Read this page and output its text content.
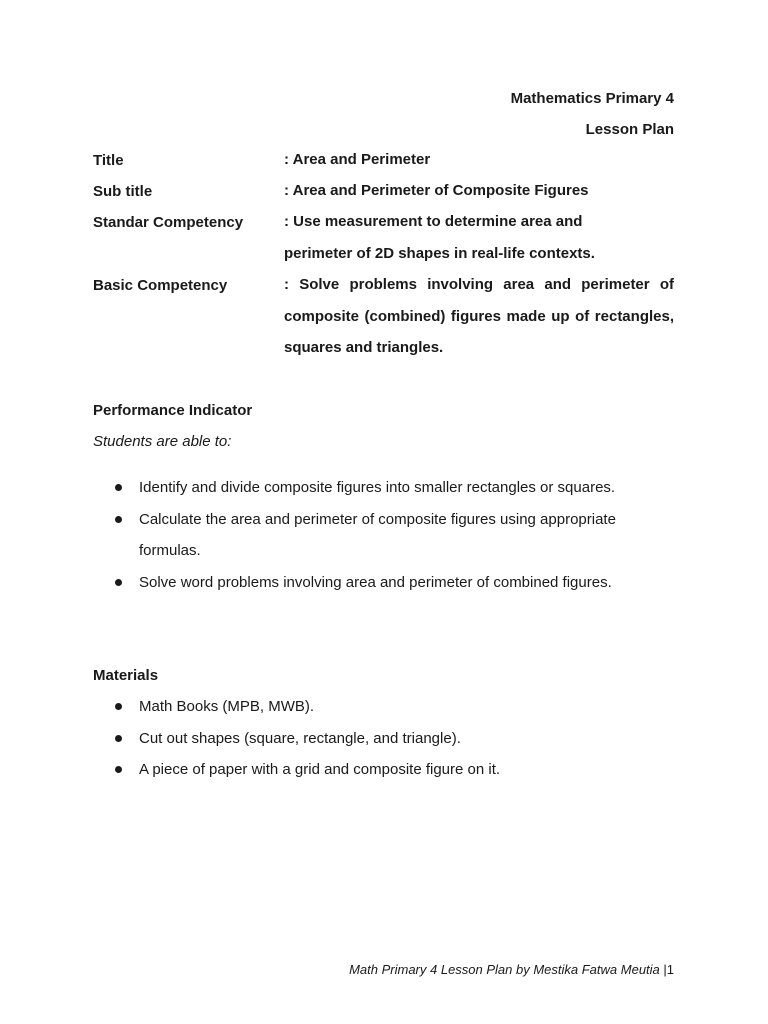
Mathematics Primary 4
Lesson Plan
Title	: Area and Perimeter
Sub title	: Area and Perimeter of Composite Figures
Standar Competency	: Use measurement to determine area and perimeter of 2D shapes in real-life contexts.
Basic Competency	: Solve problems involving area and perimeter of composite (combined) figures made up of rectangles, squares and triangles.
Performance Indicator
Students are able to:
Identify and divide composite figures into smaller rectangles or squares.
Calculate the area and perimeter of composite figures using appropriate formulas.
Solve word problems involving area and perimeter of combined figures.
Materials
Math Books (MPB, MWB).
Cut out shapes (square, rectangle, and triangle).
A piece of paper with a grid and composite figure on it.
Math Primary 4 Lesson Plan by Mestika Fatwa Meutia |1
